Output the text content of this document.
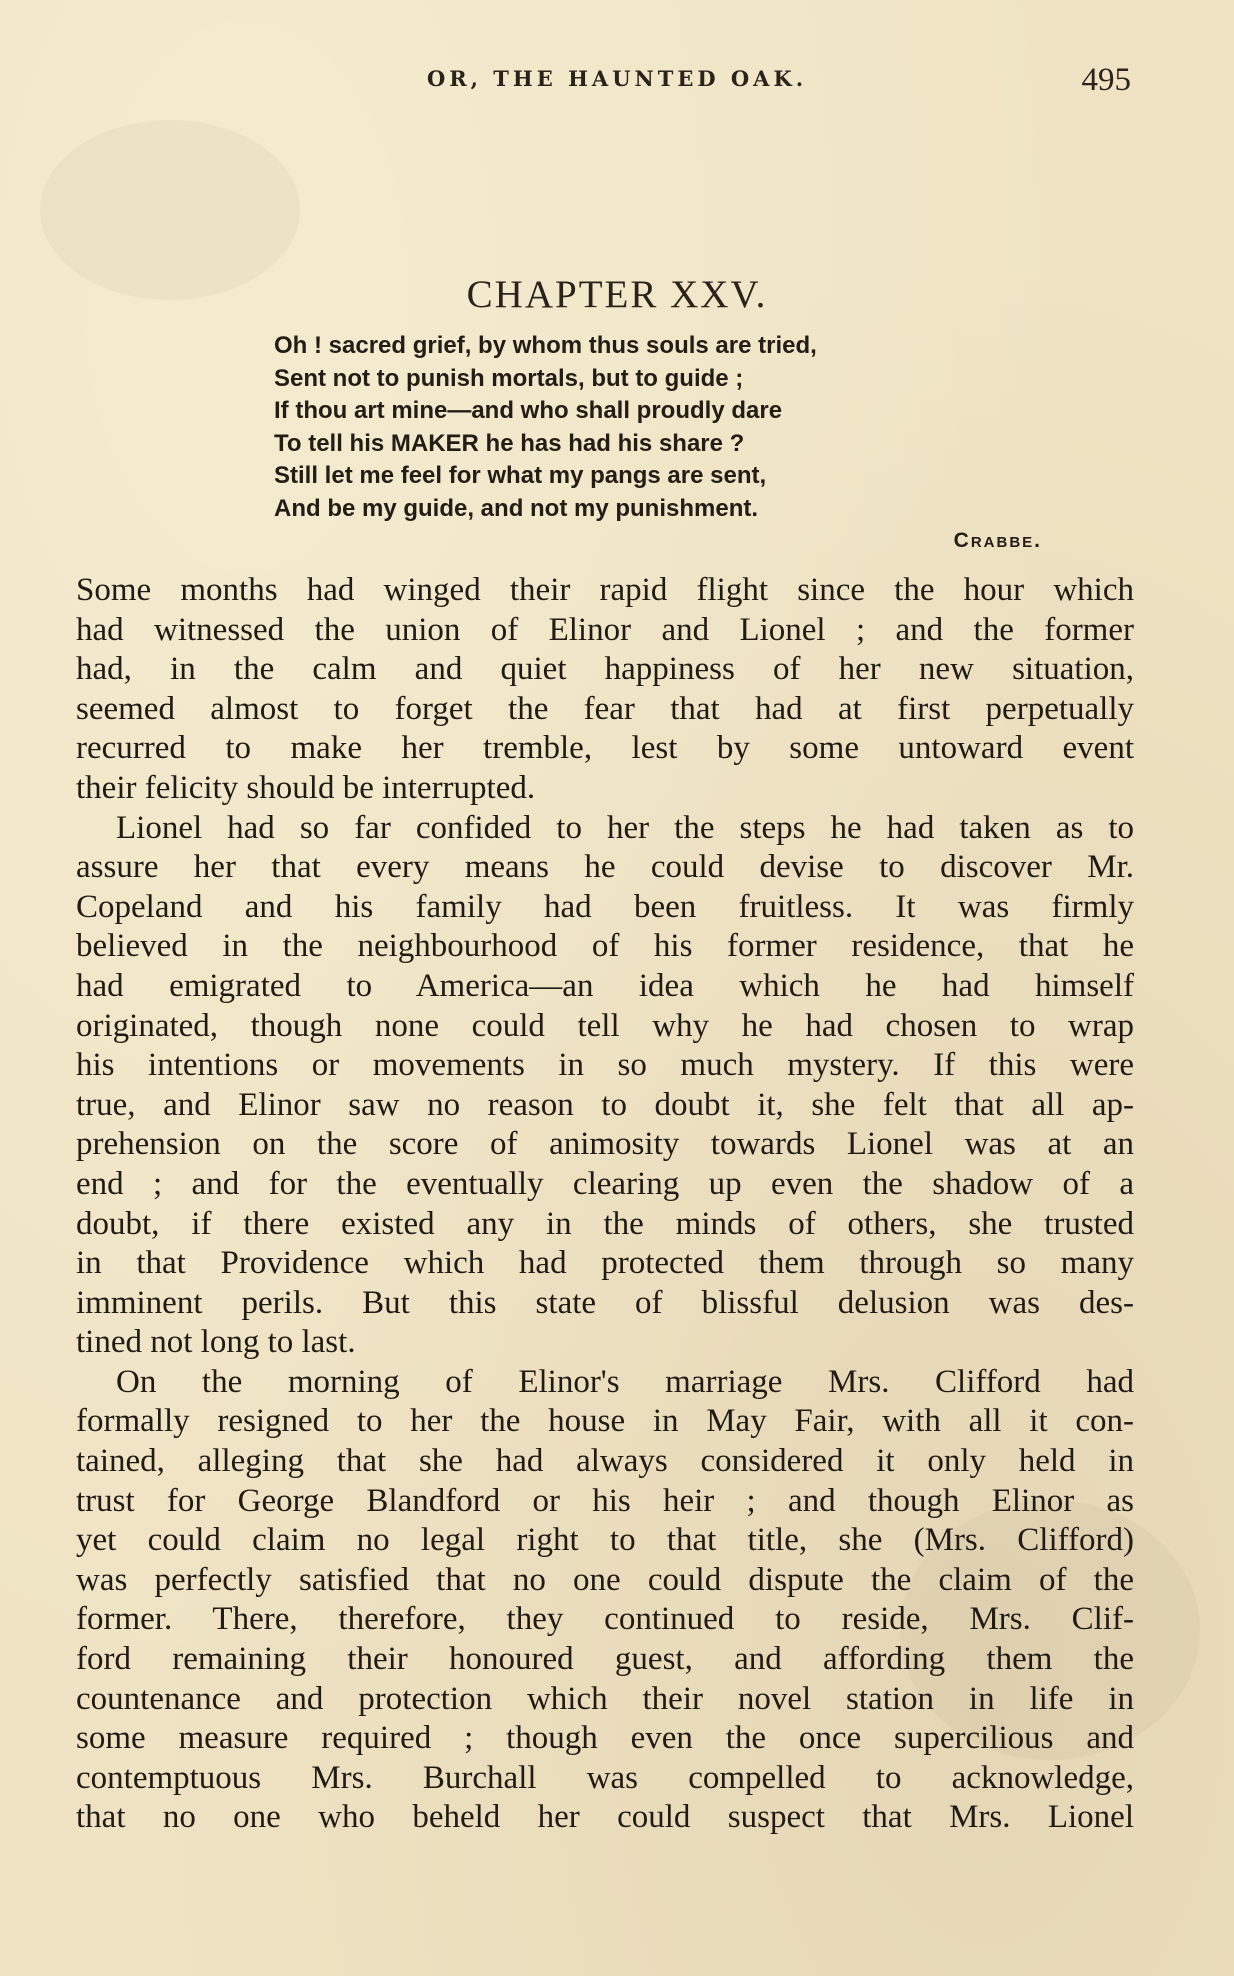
OR, THE HAUNTED OAK.	495
CHAPTER XXV.
Oh ! sacred grief, by whom thus souls are tried,
Sent not to punish mortals, but to guide ;
If thou art mine—and who shall proudly dare
To tell his MAKER he has had his share ?
Still let me feel for what my pangs are sent,
And be my guide, and not my punishment.
Crabbe.
Some months had winged their rapid flight since the hour which
had witnessed the union of Elinor and Lionel ; and the former
had, in the calm and quiet happiness of her new situation,
seemed almost to forget the fear that had at first perpetually
recurred to make her tremble, lest by some untoward event
their felicity should be interrupted.
Lionel had so far confided to her the steps he had taken as to
assure her that every means he could devise to discover Mr.
Copeland and his family had been fruitless. It was firmly
believed in the neighbourhood of his former residence, that he
had emigrated to America—an idea which he had himself
originated, though none could tell why he had chosen to wrap
his intentions or movements in so much mystery. If this were
true, and Elinor saw no reason to doubt it, she felt that all ap-
prehension on the score of animosity towards Lionel was at an
end ; and for the eventually clearing up even the shadow of a
doubt, if there existed any in the minds of others, she trusted
in that Providence which had protected them through so many
imminent perils. But this state of blissful delusion was des-
tined not long to last.
On the morning of Elinor's marriage Mrs. Clifford had
formally resigned to her the house in May Fair, with all it con-
tained, alleging that she had always considered it only held in
trust for George Blandford or his heir ; and though Elinor as
yet could claim no legal right to that title, she (Mrs. Clifford)
was perfectly satisfied that no one could dispute the claim of the
former. There, therefore, they continued to reside, Mrs. Clif-
ford remaining their honoured guest, and affording them the
countenance and protection which their novel station in life in
some measure required ; though even the once supercilious and
contemptuous Mrs. Burchall was compelled to acknowledge,
that no one who beheld her could suspect that Mrs. Lionel
